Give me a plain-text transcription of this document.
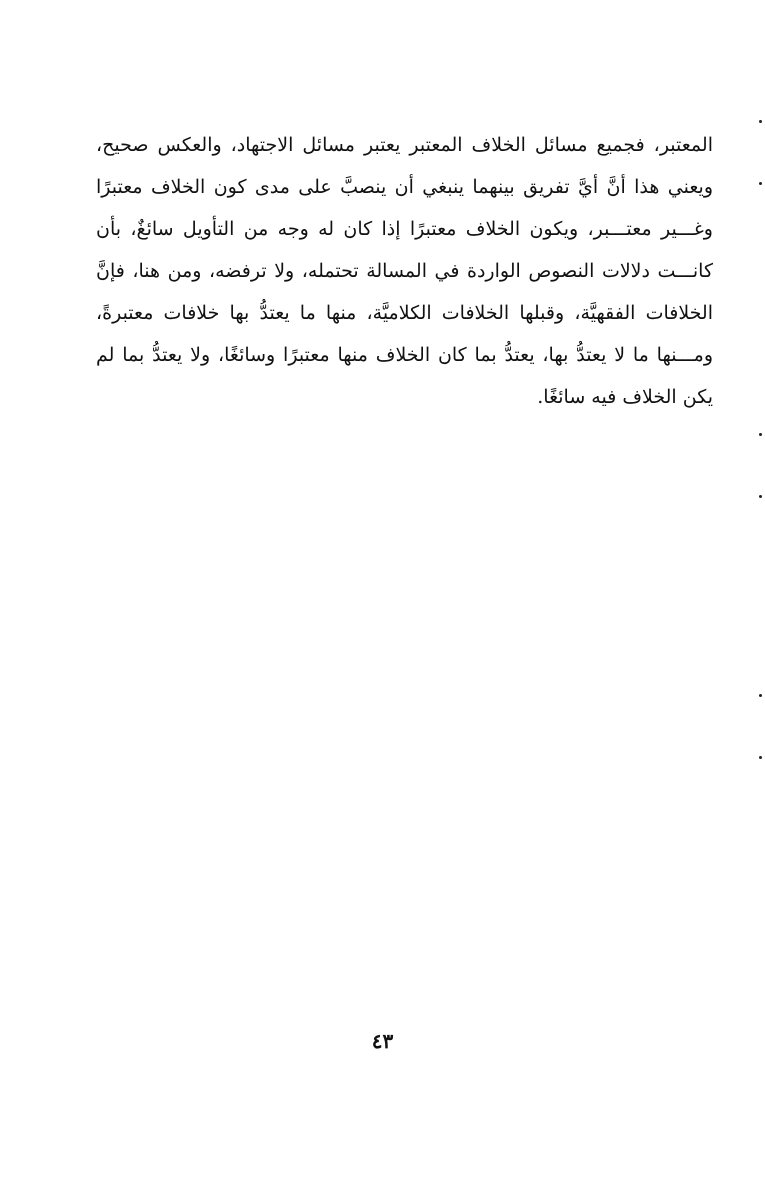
المعتبر، فجميع مسائل الخلاف المعتبر يعتبر مسائل الاجتهاد، والعكس صحيح،
ويعني هذا أنَّ أيَّ تفريق بينهما ينبغي أن ينصبَّ على مدى كون الخلاف معتبرًا
وغـــير معتـــبر، ويكون الخلاف معتبرًا إذا كان له وجه من التأويل سائغٌ، بأن
كانـــت دلالات النصوص الواردة في المسالة تحتمله، ولا ترفضه، ومن هنا، فإنَّ
الخلافات الفقهيَّة، وقبلها الخلافات الكلاميَّة، منها ما يعتدُّ بها خلافات معتبرةً،
ومـــنها ما لا يعتدُّ بها، يعتدُّ بما كان الخلاف منها معتبرًا وسائغًا، ولا يعتدُّ بما لم
يكن الخلاف فيه سائغًا.
٤٣
